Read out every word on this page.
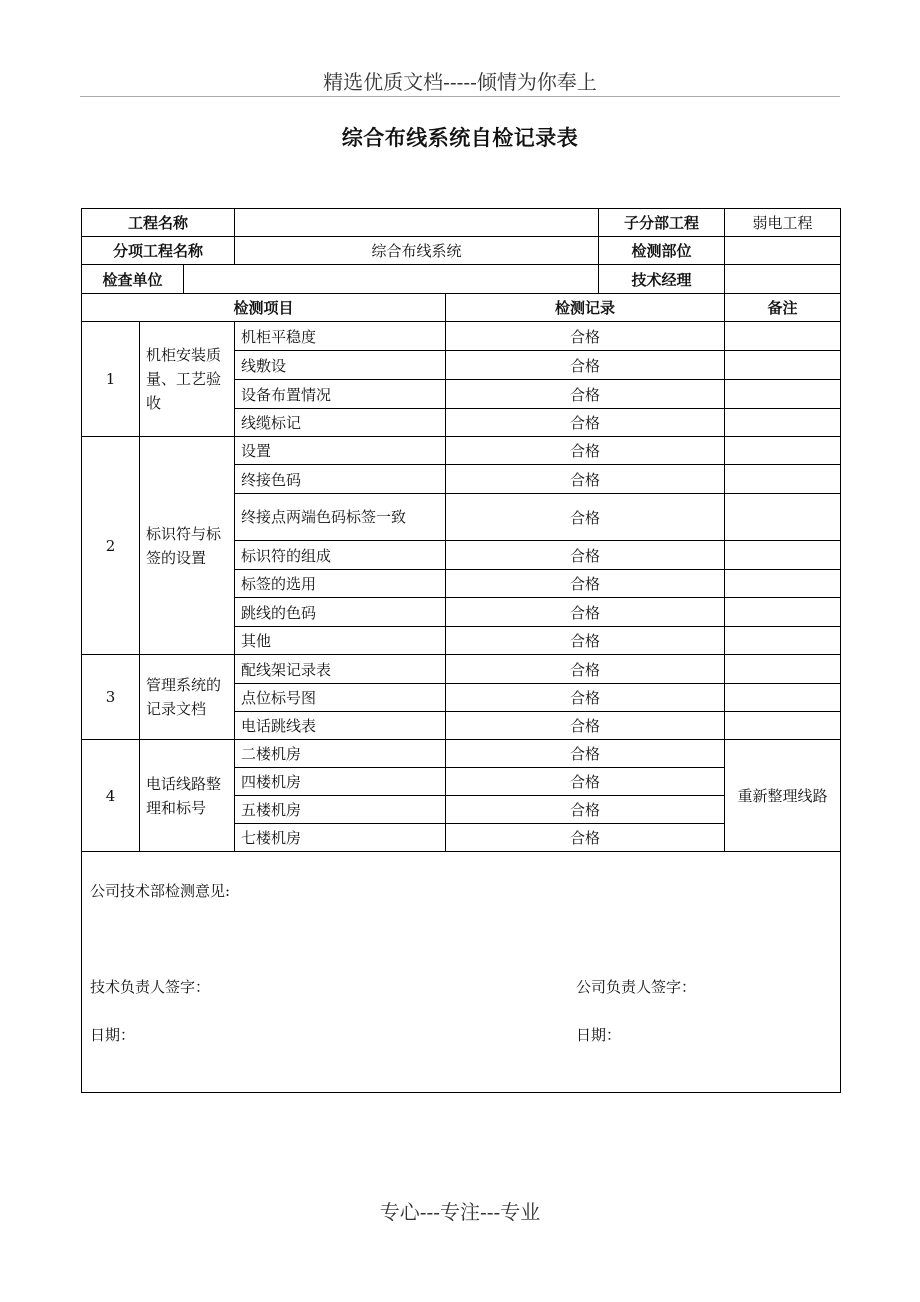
精选优质文档-----倾情为你奉上
综合布线系统自检记录表
工程名称					子分部工程	弱电工程
分项工程名称			综合布线系统		检测部位	
检查单位					技术经理	
检测项目				检测记录		备注
1	机柜安装质量、工艺验收		机柜平稳度	合格		
			线敷设	合格		
			设备布置情况	合格		
			线缆标记	合格		
2	标识符与标签的设置		设置	合格		
			终接色码	合格		
			终接点两端色码标签一致	合格		
			标识符的组成	合格		
			标签的选用	合格		
			跳线的色码	合格		
			其他	合格		
3	管理系统的记录文档		配线架记录表	合格		
			点位标号图	合格		
			电话跳线表	合格		
4	电话线路整理和标号		二楼机房	合格		重新整理线路
			四楼机房	合格		
			五楼机房	合格		
			七楼机房	合格		

公司技术部检测意见:
技术负责人签字： 公司负责人签字：
日期： 日期：						
专心---专注---专业
